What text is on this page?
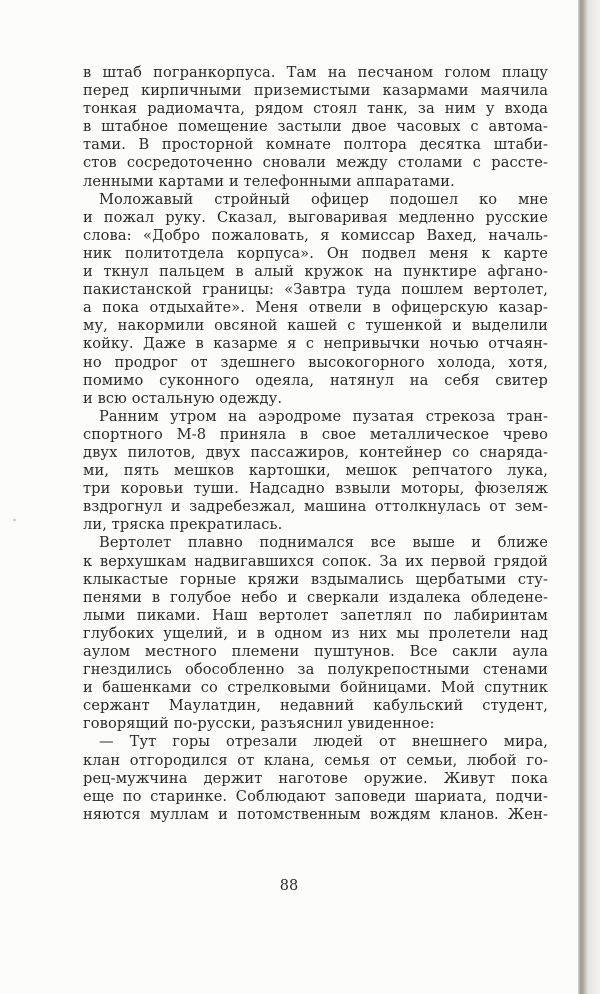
в штаб погранкорпуса. Там на песчаном голом плацу
перед кирпичными приземистыми казармами маячила
тонкая радиомачта, рядом стоял танк, за ним у входа
в штабное помещение застыли двое часовых с автома-
тами. В просторной комнате полтора десятка штаби-
стов сосредоточенно сновали между столами с рассте-
ленными картами и телефонными аппаратами.
Моложавый стройный офицер подошел ко мне
и пожал руку. Сказал, выговаривая медленно русские
слова: «Добро пожаловать, я комиссар Вахед, началь-
ник политотдела корпуса». Он подвел меня к карте
и ткнул пальцем в алый кружок на пунктире афгано-
пакистанской границы: «Завтра туда пошлем вертолет,
а пока отдыхайте». Меня отвели в офицерскую казар-
му, накормили овсяной кашей с тушенкой и выделили
койку. Даже в казарме я с непривычки ночью отчаян-
но продрог от здешнего высокогорного холода, хотя,
помимо суконного одеяла, натянул на себя свитер
и всю остальную одежду.
Ранним утром на аэродроме пузатая стрекоза тран-
спортного М-8 приняла в свое металлическое чрево
двух пилотов, двух пассажиров, контейнер со снаряда-
ми, пять мешков картошки, мешок репчатого лука,
три коровьи туши. Надсадно взвыли моторы, фюзеляж
вздрогнул и задребезжал, машина оттолкнулась от зем-
ли, тряска прекратилась.
Вертолет плавно поднимался все выше и ближе
к верхушкам надвигавшихся сопок. За их первой грядой
клыкастые горные кряжи вздымались щербатыми сту-
пенями в голубое небо и сверкали издалека обледене-
лыми пиками. Наш вертолет запетлял по лабиринтам
глубоких ущелий, и в одном из них мы пролетели над
аулом местного племени пуштунов. Все сакли аула
гнездились обособленно за полукрепостными стенами
и башенками со стрелковыми бойницами. Мой спутник
сержант Маулатдин, недавний кабульский студент,
говорящий по-русски, разъяснил увиденное:
— Тут горы отрезали людей от внешнего мира,
клан отгородился от клана, семья от семьи, любой го-
рец-мужчина держит наготове оружие. Живут пока
еще по старинке. Соблюдают заповеди шариата, подчи-
няются муллам и потомственным вождям кланов. Жен-
88
